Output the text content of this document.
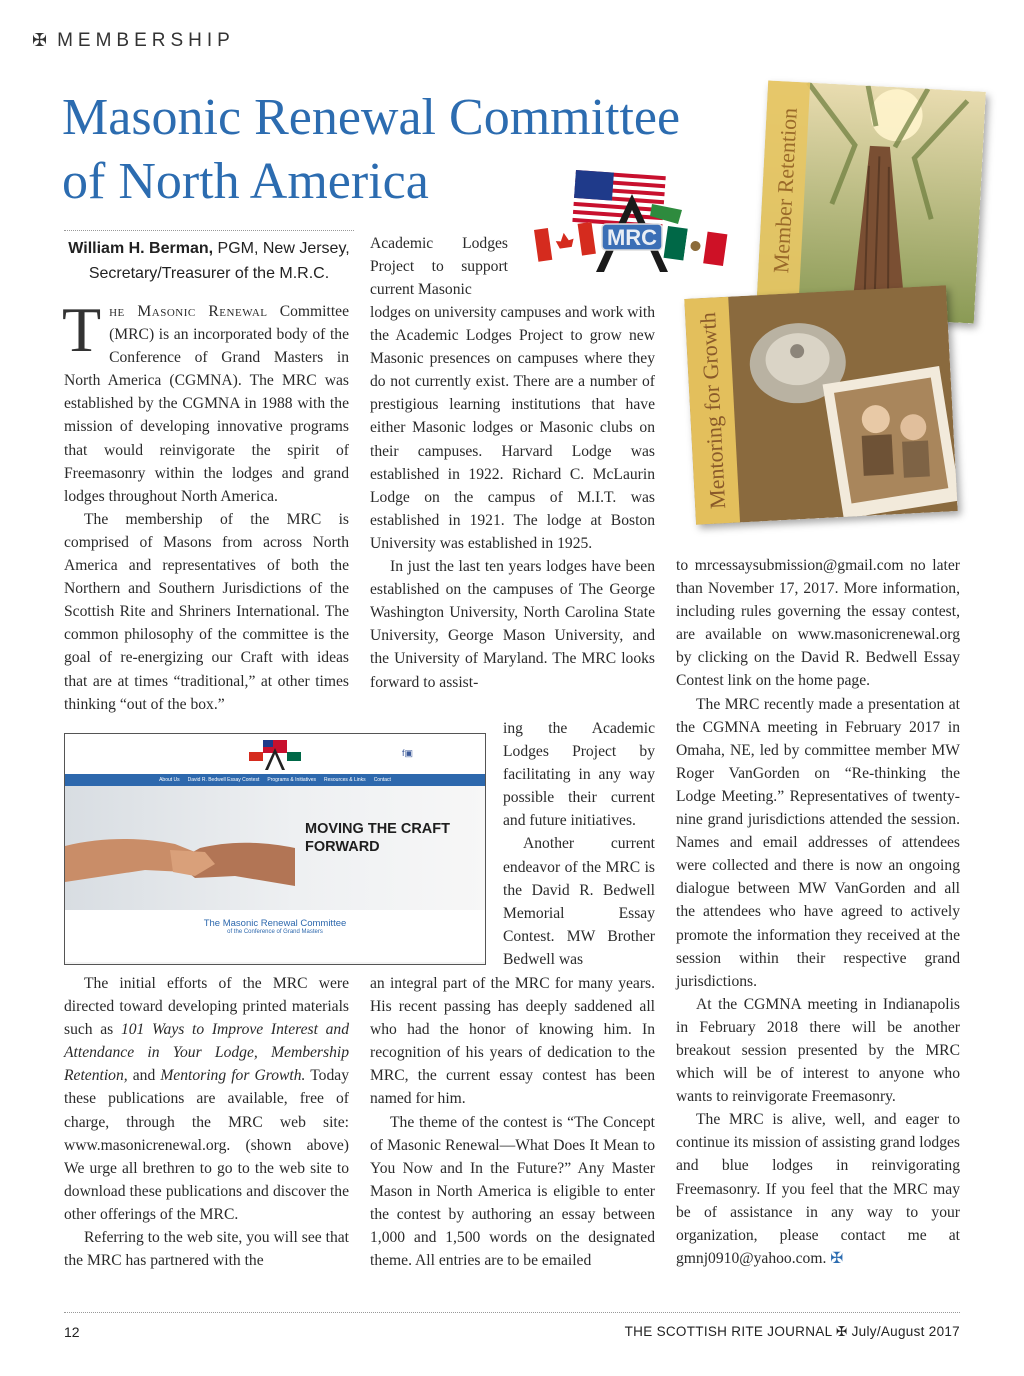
✠ MEMBERSHIP
Masonic Renewal Committee
of North America
William H. Berman, PGM, New Jersey,
Secretary/Treasurer of the M.R.C.
MRC	Member Retention
Mentoring for Growth

The Masonic Renewal Committee (MRC) is an incorporated body of the Conference of Grand Masters in North America (CGMNA). The MRC was established by the CGMNA in 1988 with the mission of developing innovative programs that would reinvigorate the spirit of Freemasonry within the lodges and grand lodges throughout North America.

The membership of the MRC is comprised of Masons from across North America and representatives of both the Northern and Southern Jurisdictions of the Scottish Rite and Shriners International. The common philosophy of the committee is the goal of re-energizing our Craft with ideas that are at times “traditional,” at other times thinking “out of the box.”

The initial efforts of the MRC were directed toward developing printed materials such as 101 Ways to Improve Interest and Attendance in Your Lodge, Membership Retention, and Mentoring for Growth. Today these publications are available, free of charge, through the MRC web site: www.masonicrenewal.org. (shown above) We urge all brethren to go to the web site to download these publications and discover the other offerings of the MRC.

Referring to the web site, you will see that the MRC has partnered with the

Academic Lodges Project to support current Masonic

lodges on university campuses and work with the Academic Lodges Project to grow new Masonic presences on campuses where they do not currently exist. There are a number of prestigious learning institutions that have either Masonic lodges or Masonic clubs on their campuses. Harvard Lodge was established in 1922. Richard C. McLaurin Lodge on the campus of M.I.T. was established in 1921. The lodge at Boston University was established in 1925.

In just the last ten years lodges have been established on the campuses of The George Washington University, North Carolina State University, George Mason University, and the University of Maryland. The MRC looks forward to assist-

ing the Academic Lodges Project by facilitating in any way possible their current and future initiatives.

Another current endeavor of the MRC is the David R. Bedwell Memorial Essay Contest. MW Brother Bedwell was

an integral part of the MRC for many years. His recent passing has deeply saddened all who had the honor of knowing him. In recognition of his years of dedication to the MRC, the current essay contest has been named for him.

The theme of the contest is “The Concept of Masonic Renewal—What Does It Mean to You Now and In the Future?” Any Master Mason in North America is eligible to enter the contest by authoring an essay between 1,000 and 1,500 words on the designated theme. All entries are to be emailed

to mrcessaysubmission@gmail.com no later than November 17, 2017. More information, including rules governing the essay contest, are available on www.masonicrenewal.org by clicking on the David R. Bedwell Essay Contest link on the home page.

The MRC recently made a presentation at the CGMNA meeting in February 2017 in Omaha, NE, led by committee member MW Roger VanGorden on “Re-thinking the Lodge Meeting.” Representatives of twenty-nine grand jurisdictions attended the session. Names and email addresses of attendees were collected and there is now an ongoing dialogue between MW VanGorden and all the attendees who have agreed to actively promote the information they received at the session within their respective grand jurisdictions.

At the CGMNA meeting in Indianapolis in February 2018 there will be another breakout session presented by the MRC which will be of interest to anyone who wants to reinvigorate Freemasonry.

The MRC is alive, well, and eager to continue its mission of assisting grand lodges and blue lodges in reinvigorating Freemasonry. If you feel that the MRC may be of assistance in any way to your organization, please contact me at gmnj0910@yahoo.com. ✠

f▣
About Us David R. Bedwell Essay Contest Programs & Initiatives Resources & Links Contact
MOVING THE CRAFT FORWARD
The Masonic Renewal Committee
of the Conference of Grand Masters
12	THE SCOTTISH RITE JOURNAL ✠ July/August 2017
